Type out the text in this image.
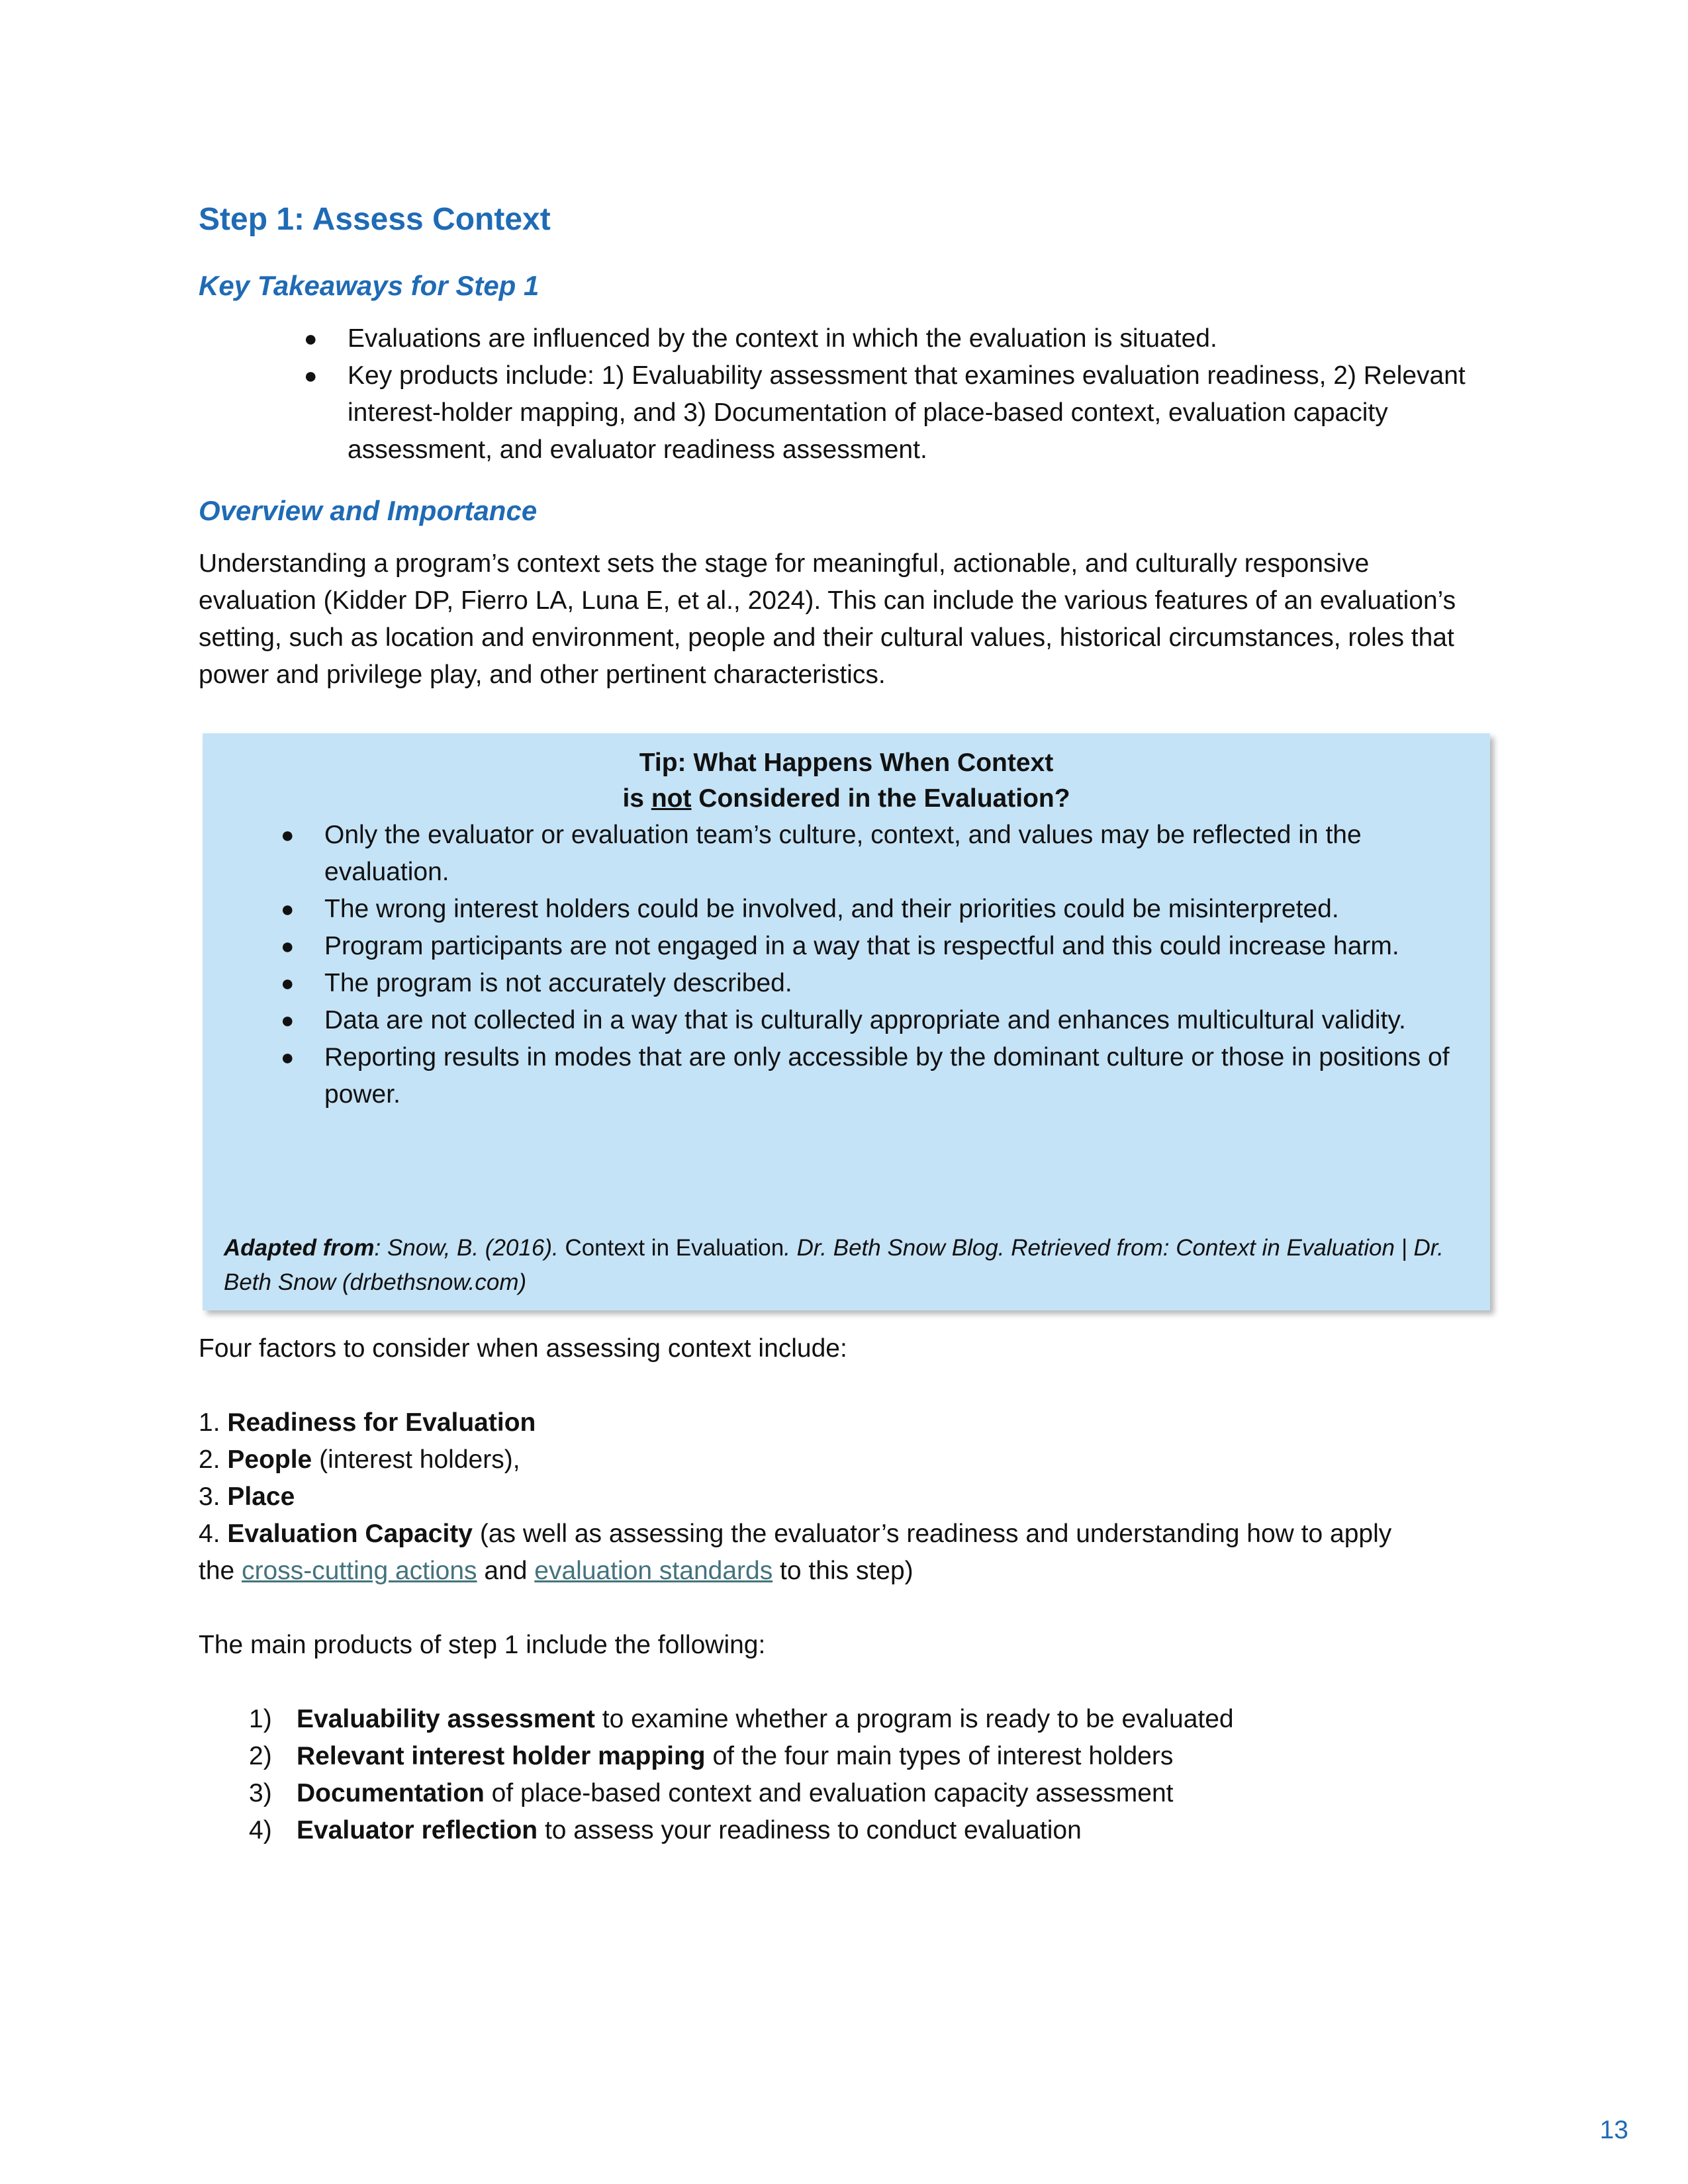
Step 1: Assess Context
Key Takeaways for Step 1
● Evaluations are influenced by the context in which the evaluation is situated.
● Key products include: 1) Evaluability assessment that examines evaluation readiness, 2) Relevant interest-holder mapping, and 3) Documentation of place-based context, evaluation capacity assessment, and evaluator readiness assessment.
Overview and Importance
Understanding a program’s context sets the stage for meaningful, actionable, and culturally responsive evaluation (Kidder DP, Fierro LA, Luna E, et al., 2024). This can include the various features of an evaluation’s setting, such as location and environment, people and their cultural values, historical circumstances, roles that power and privilege play, and other pertinent characteristics.
Tip: What Happens When Context
is not Considered in the Evaluation?
● Only the evaluator or evaluation team’s culture, context, and values may be reflected in the evaluation.
● The wrong interest holders could be involved, and their priorities could be misinterpreted.
● Program participants are not engaged in a way that is respectful and this could increase harm.
● The program is not accurately described.
● Data are not collected in a way that is culturally appropriate and enhances multicultural validity.
● Reporting results in modes that are only accessible by the dominant culture or those in positions of power.
Adapted from: Snow, B. (2016). Context in Evaluation. Dr. Beth Snow Blog. Retrieved from: Context in Evaluation | Dr. Beth Snow (drbethsnow.com)
Four factors to consider when assessing context include:
1. Readiness for Evaluation
2. People (interest holders),
3. Place
4. Evaluation Capacity (as well as assessing the evaluator’s readiness and understanding how to apply
the cross-cutting actions and evaluation standards to this step)
The main products of step 1 include the following:
1) Evaluability assessment to examine whether a program is ready to be evaluated
2) Relevant interest holder mapping of the four main types of interest holders
3) Documentation of place-based context and evaluation capacity assessment
4) Evaluator reflection to assess your readiness to conduct evaluation
13
